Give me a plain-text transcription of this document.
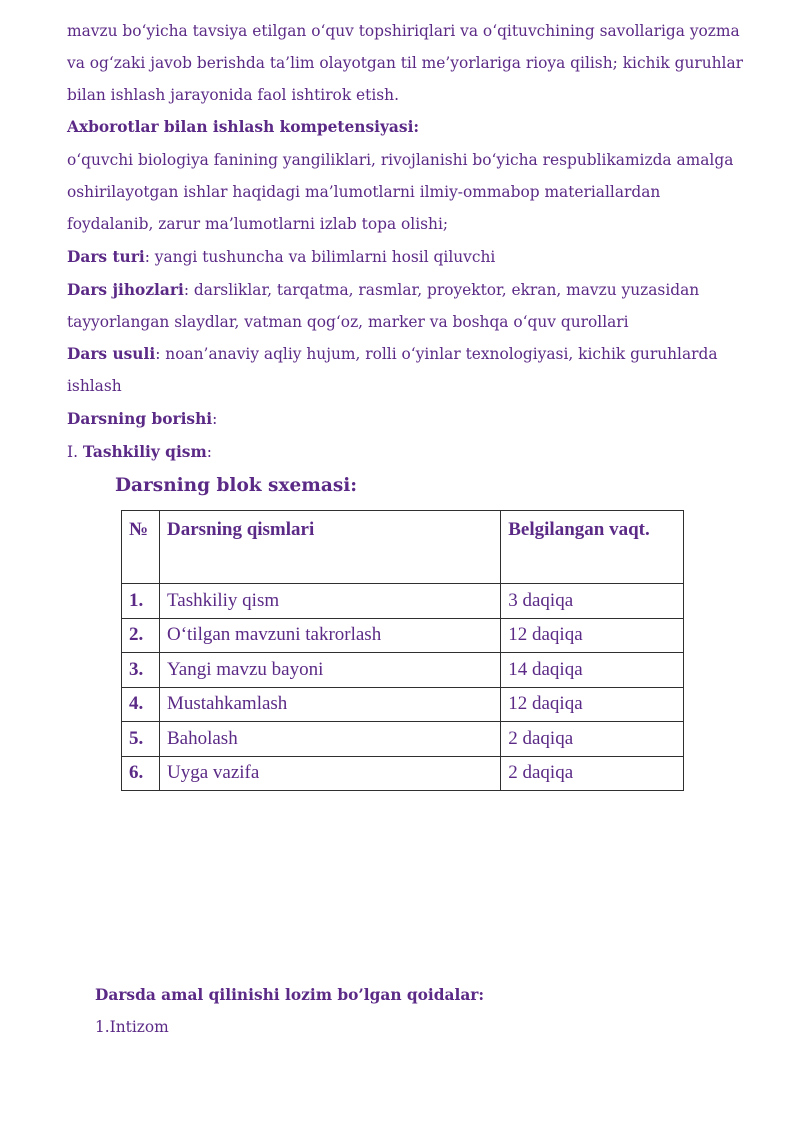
mavzu bo‘yicha tavsiya etilgan o‘quv topshiriqlari va o‘qituvchining savollariga yozma
va og‘zaki javob berishda ta’lim olayotgan til me’yorlariga rioya qilish; kichik guruhlar
bilan ishlash jarayonida faol ishtirok etish.
Axborotlar bilan ishlash kompetensiyasi:
o‘quvchi biologiya fanining yangiliklari, rivojlanishi bo‘yicha respublikamizda amalga
oshirilayotgan ishlar haqidagi ma’lumotlarni ilmiy-ommabop materiallardan
foydalanib, zarur ma’lumotlarni izlab topa olishi;
Dars turi: yangi tushuncha va bilimlarni hosil qiluvchi
Dars jihozlari: darsliklar, tarqatma, rasmlar, proyektor, ekran, mavzu yuzasidan
tayyorlangan slaydlar, vatman qog‘oz, marker va boshqa o‘quv qurollari
Dars usuli: noan’anaviy aqliy hujum, rolli o‘yinlar texnologiyasi, kichik guruhlarda
ishlash
Darsning borishi:
I. Tashkiliy qism:
Darsning blok sxemasi:
№	Darsning qismlari	Belgilangan vaqt.
1.	Tashkiliy qism	3 daqiqa
2.	O‘tilgan mavzuni takrorlash	12 daqiqa
3.	Yangi mavzu bayoni	14 daqiqa
4.	Mustahkamlash	12 daqiqa
5.	Baholash	2 daqiqa
6.	Uyga vazifa	2 daqiqa
Darsda amal qilinishi lozim bo’lgan qoidalar:
1.Intizom
